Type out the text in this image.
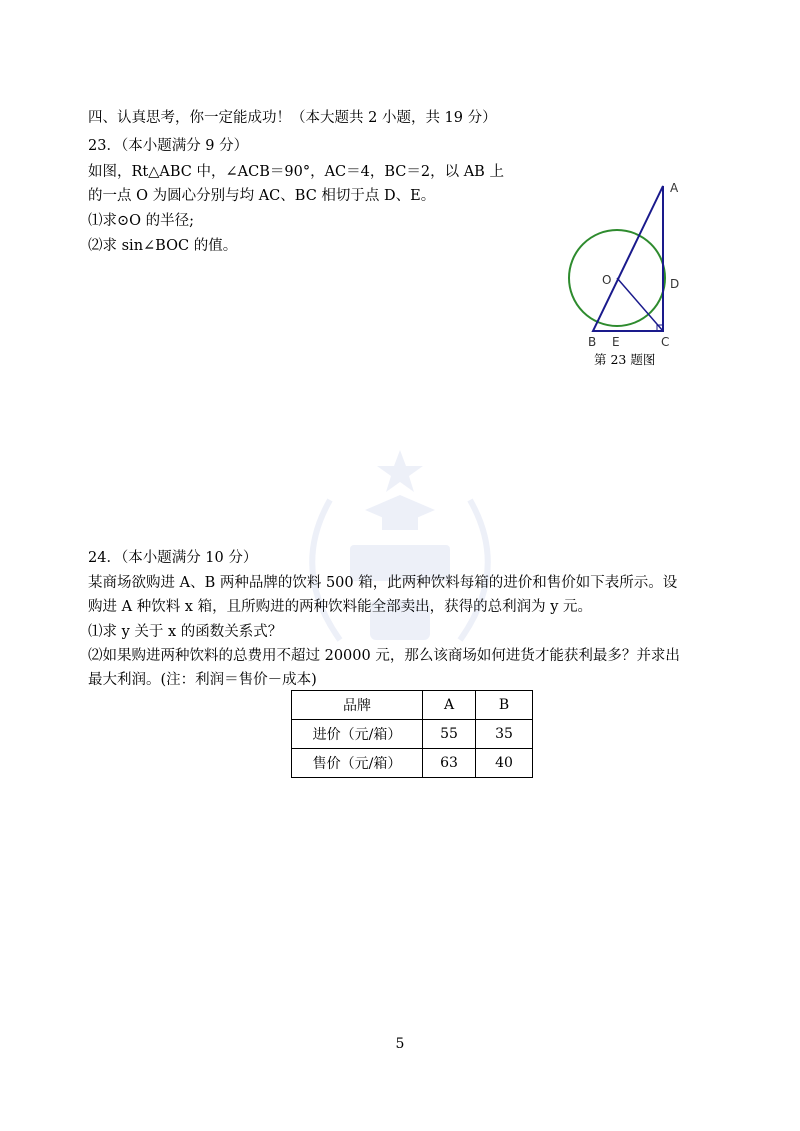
四、认真思考，你一定能成功！（本大题共 2 小题，共 19 分）
23．（本小题满分 9 分）
如图，Rt△ABC 中，∠ACB＝90°，AC＝4，BC＝2，以 AB 上
的一点 O 为圆心分别与均 AC、BC 相切于点 D、E。
⑴求⊙O 的半径;
⑵求 sin∠BOC 的值。
A
O	D
B E	C
第 23 题图
24．（本小题满分 10 分）
某商场欲购进 A、B 两种品牌的饮料 500 箱，此两种饮料每箱的进价和售价如下表所示。设
购进 A 种饮料 x 箱，且所购进的两种饮料能全部卖出，获得的总利润为 y 元。
⑴求 y 关于 x 的函数关系式？
⑵如果购进两种饮料的总费用不超过 20000 元，那么该商场如何进货才能获利最多？并求出
最大利润。(注：利润＝售价－成本)
品牌	A	B
进价（元/箱）	55	35
售价（元/箱）	63	40
5
